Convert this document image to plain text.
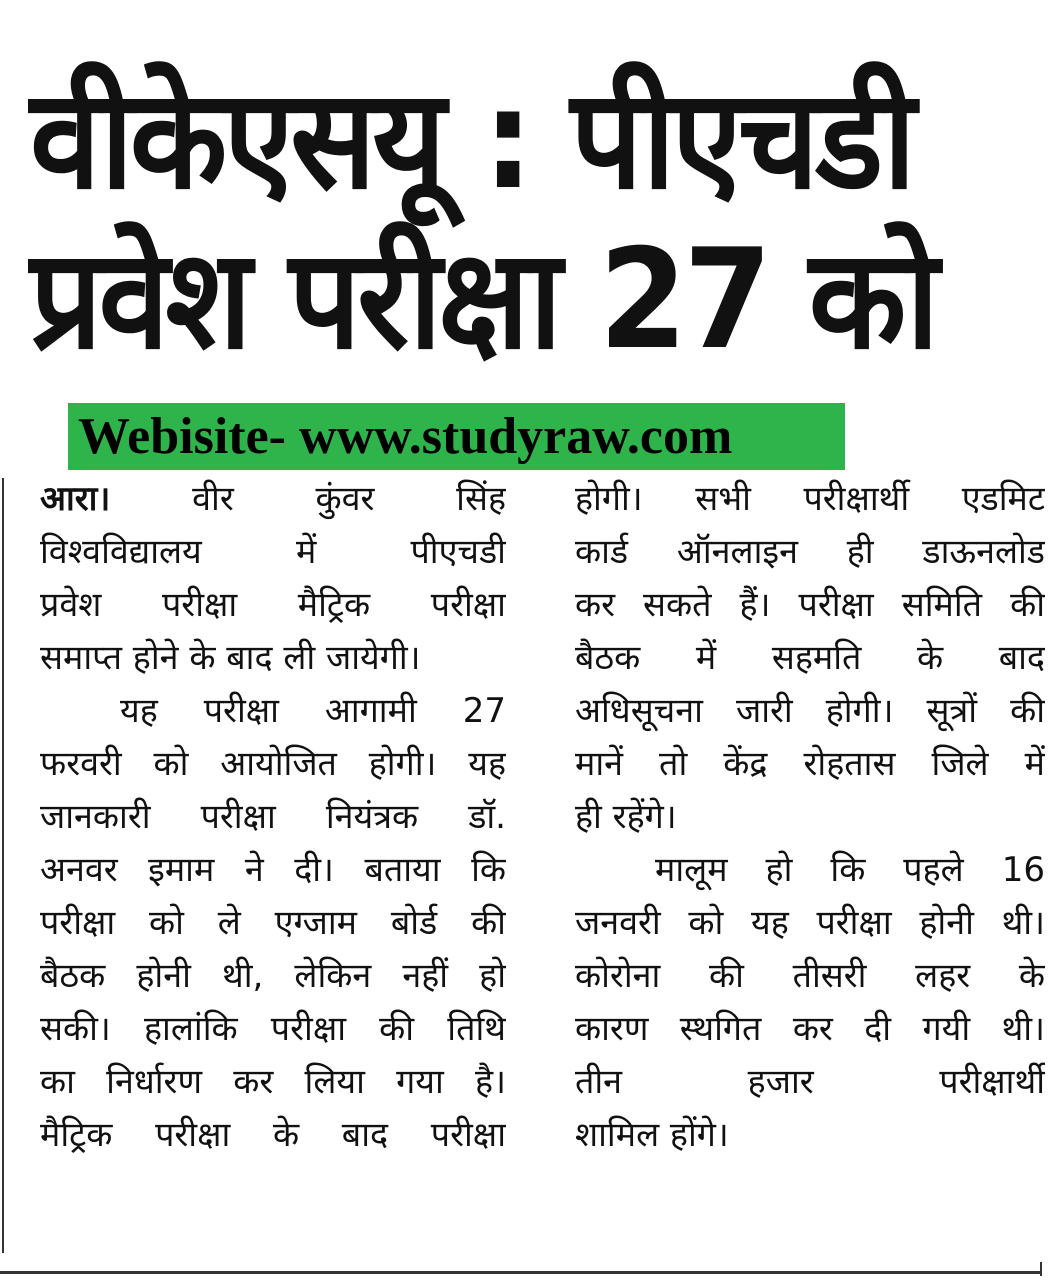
वीकेएसयू : पीएचडी
प्रवेश परीक्षा 27 को
Webisite- www.studyraw.com
आरा। वीर कुंवर सिंह
विश्वविद्यालय में पीएचडी
प्रवेश परीक्षा मैट्रिक परीक्षा
समाप्त होने के बाद ली जायेगी।
यह परीक्षा आगामी 27
फरवरी को आयोजित होगी। यह
जानकारी परीक्षा नियंत्रक डॉ.
अनवर इमाम ने दी। बताया कि
परीक्षा को ले एग्जाम बोर्ड की
बैठक होनी थी, लेकिन नहीं हो
सकी। हालांकि परीक्षा की तिथि
का निर्धारण कर लिया गया है।
मैट्रिक परीक्षा के बाद परीक्षा
होगी। सभी परीक्षार्थी एडमिट
कार्ड ऑनलाइन ही डाऊनलोड
कर सकते हैं। परीक्षा समिति की
बैठक में सहमति के बाद
अधिसूचना जारी होगी। सूत्रों की
मानें तो केंद्र रोहतास जिले में
ही रहेंगे।
मालूम हो कि पहले 16
जनवरी को यह परीक्षा होनी थी।
कोरोना की तीसरी लहर के
कारण स्थगित कर दी गयी थी।
तीन हजार परीक्षार्थी
शामिल होंगे।
